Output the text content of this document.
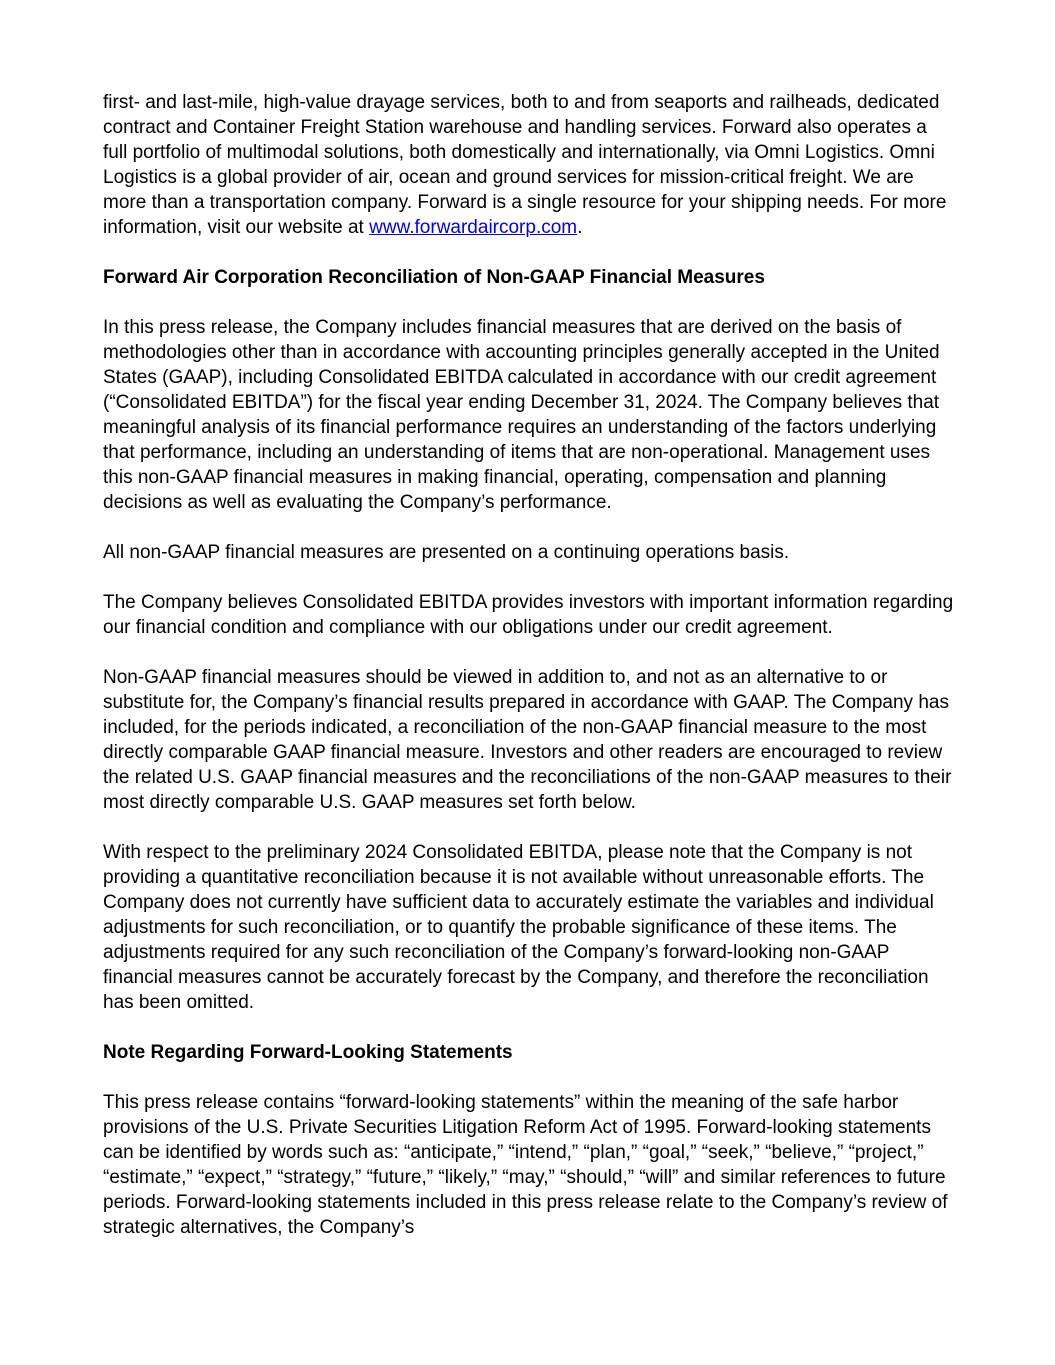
first- and last-mile, high-value drayage services, both to and from seaports and railheads, dedicated contract and Container Freight Station warehouse and handling services. Forward also operates a full portfolio of multimodal solutions, both domestically and internationally, via Omni Logistics. Omni Logistics is a global provider of air, ocean and ground services for mission-critical freight. We are more than a transportation company. Forward is a single resource for your shipping needs. For more information, visit our website at www.forwardaircorp.com.

Forward Air Corporation Reconciliation of Non-GAAP Financial Measures

In this press release, the Company includes financial measures that are derived on the basis of methodologies other than in accordance with accounting principles generally accepted in the United States (GAAP), including Consolidated EBITDA calculated in accordance with our credit agreement (“Consolidated EBITDA”) for the fiscal year ending December 31, 2024. The Company believes that meaningful analysis of its financial performance requires an understanding of the factors underlying that performance, including an understanding of items that are non-operational. Management uses this non-GAAP financial measures in making financial, operating, compensation and planning decisions as well as evaluating the Company’s performance.

All non-GAAP financial measures are presented on a continuing operations basis.

The Company believes Consolidated EBITDA provides investors with important information regarding our financial condition and compliance with our obligations under our credit agreement.

Non-GAAP financial measures should be viewed in addition to, and not as an alternative to or substitute for, the Company’s financial results prepared in accordance with GAAP. The Company has included, for the periods indicated, a reconciliation of the non-GAAP financial measure to the most directly comparable GAAP financial measure. Investors and other readers are encouraged to review the related U.S. GAAP financial measures and the reconciliations of the non-GAAP measures to their most directly comparable U.S. GAAP measures set forth below.

With respect to the preliminary 2024 Consolidated EBITDA, please note that the Company is not providing a quantitative reconciliation because it is not available without unreasonable efforts. The Company does not currently have sufficient data to accurately estimate the variables and individual adjustments for such reconciliation, or to quantify the probable significance of these items. The adjustments required for any such reconciliation of the Company’s forward-looking non-GAAP financial measures cannot be accurately forecast by the Company, and therefore the reconciliation has been omitted.

Note Regarding Forward-Looking Statements

This press release contains “forward-looking statements” within the meaning of the safe harbor provisions of the U.S. Private Securities Litigation Reform Act of 1995. Forward-looking statements can be identified by words such as: “anticipate,” “intend,” “plan,” “goal,” “seek,” “believe,” “project,” “estimate,” “expect,” “strategy,” “future,” “likely,” “may,” “should,” “will” and similar references to future periods. Forward-looking statements included in this press release relate to the Company’s review of strategic alternatives, the Company’s
